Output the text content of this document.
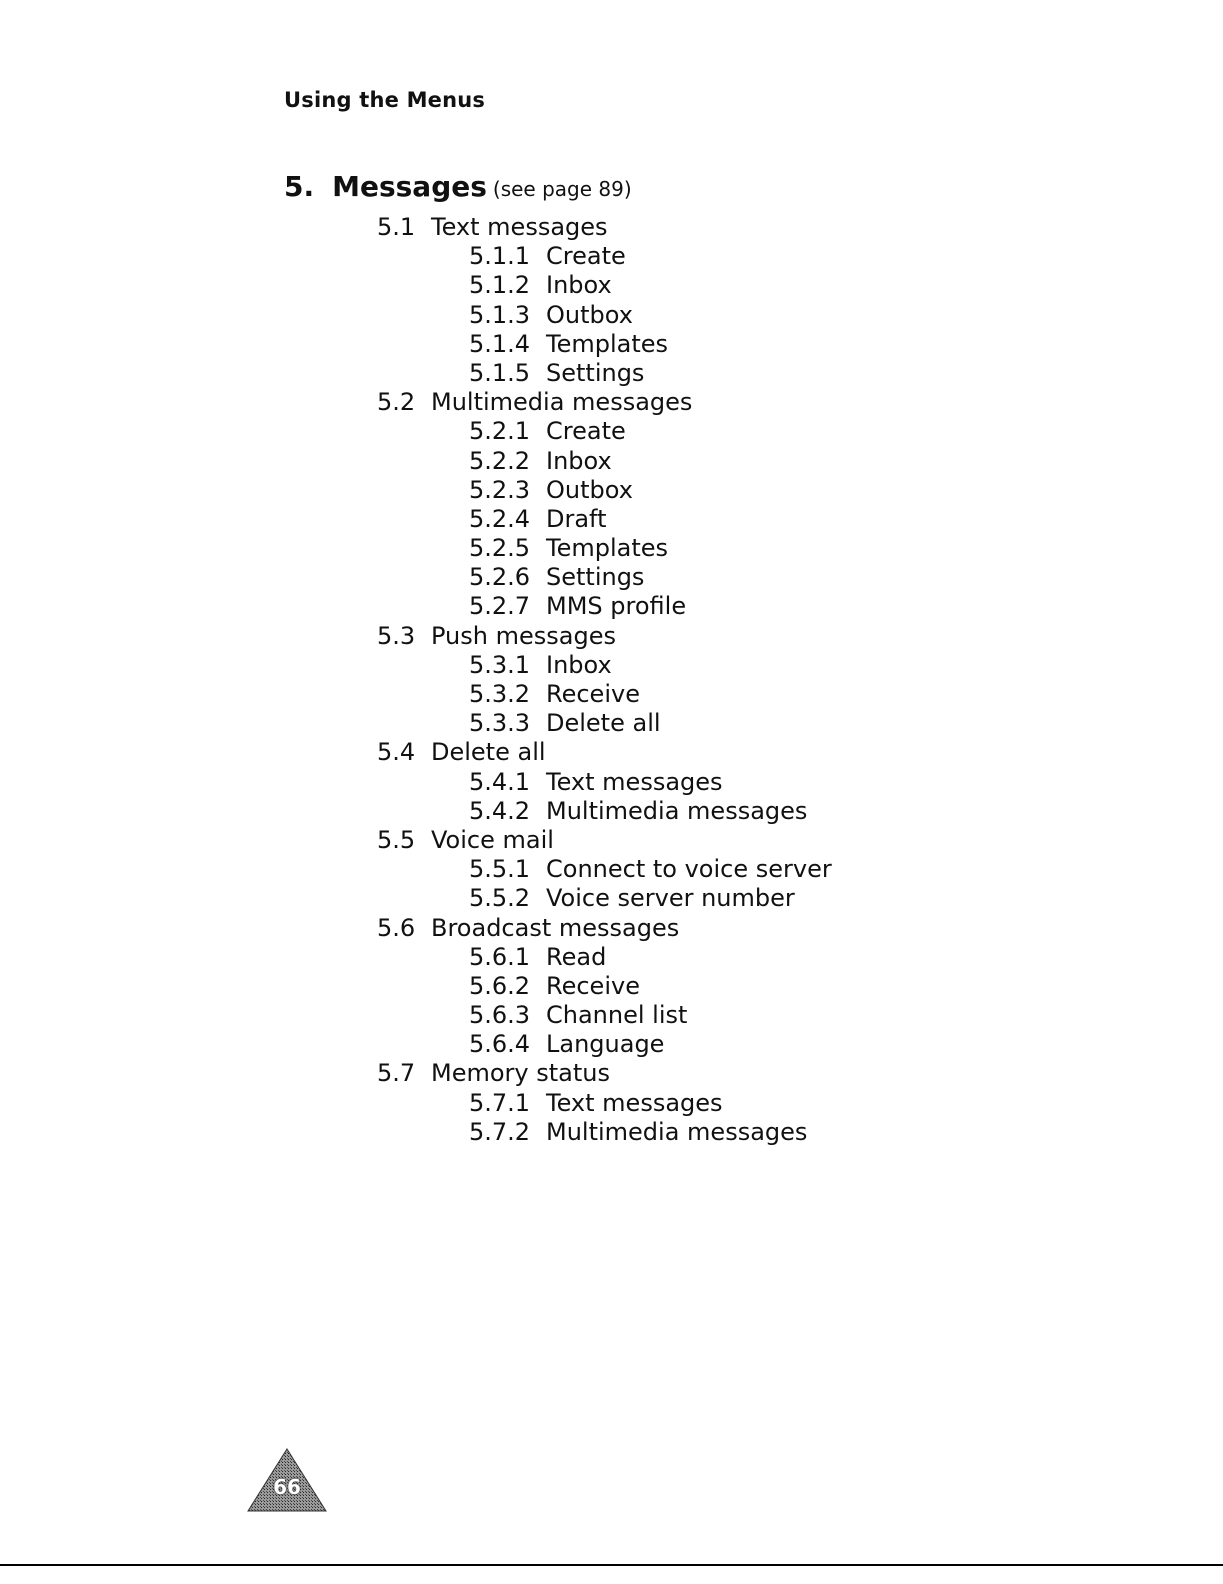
Using the Menus
5. Messages (see page 89)
5.1 Text messages
5.1.1 Create
5.1.2 Inbox
5.1.3 Outbox
5.1.4 Templates
5.1.5 Settings
5.2 Multimedia messages
5.2.1 Create
5.2.2 Inbox
5.2.3 Outbox
5.2.4 Draft
5.2.5 Templates
5.2.6 Settings
5.2.7 MMS profile
5.3 Push messages
5.3.1 Inbox
5.3.2 Receive
5.3.3 Delete all
5.4 Delete all
5.4.1 Text messages
5.4.2 Multimedia messages
5.5 Voice mail
5.5.1 Connect to voice server
5.5.2 Voice server number
5.6 Broadcast messages
5.6.1 Read
5.6.2 Receive
5.6.3 Channel list
5.6.4 Language
5.7 Memory status
5.7.1 Text messages
5.7.2 Multimedia messages
66
